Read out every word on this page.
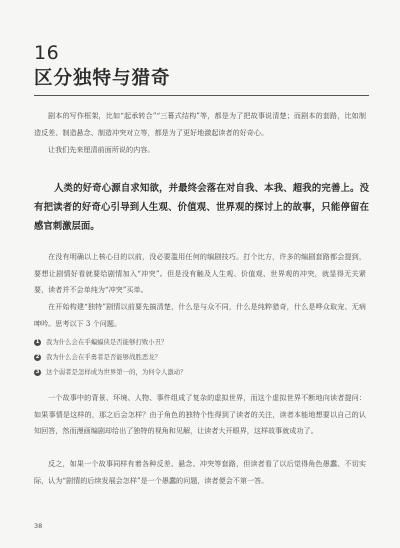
16
区分独特与猎奇

剧本的写作框架，比如“起承转合”“三幕式结构”等，都是为了把故事说清楚；而剧本的套路，比如制造反差、制造悬念、制造冲突对立等，都是为了更好地激起读者的好奇心。

让我们先来厘清前面所说的内容。

人类的好奇心源自求知欲，并最终会落在对自我、本我、超我的完善上。没有把读者的好奇心引导到人生观、价值观、世界观的探讨上的故事，只能停留在感官刺激层面。

在没有明确以上核心目的以前，没必要滥用任何的编剧技巧。打个比方，许多的编剧套路都会提到，要想让剧情好看就要给剧情加入“冲突”。但是没有触及人生观、价值观、世界观的冲突，就显得无关紧要，读者并不会单纯为“冲突”买单。

在开始构建“独特”剧情以前要先搞清楚，什么是与众不同，什么是纯粹猎奇，什么是哗众取宠、无病呻吟。思考以下 3 个问题。

1 我为什么会在乎蝙蝠侠是否能够打败小丑？
2 我为什么会在乎勇者是否能够战胜恶龙？
3 这个弱者是怎样成为世界第一的，为何令人激动？

一个故事中的背景、环境、人物、事件组成了复杂的虚拟世界，而这个虚拟世界不断地向读者提问：如果事情是这样的，那之后会怎样？由于角色的独特个性得到了读者的关注，读者本能地想要以自己的认知回答，然而漫画编剧却给出了独特的视角和见解，让读者大开眼界，这样故事就成功了。

反之，如果一个故事同样有着各种反差、悬念、冲突等套路，但读者看了以后觉得角色愚蠢、不切实际，认为“剧情的后续发展会怎样”是一个愚蠢的问题，读者便会不第一答。

38
